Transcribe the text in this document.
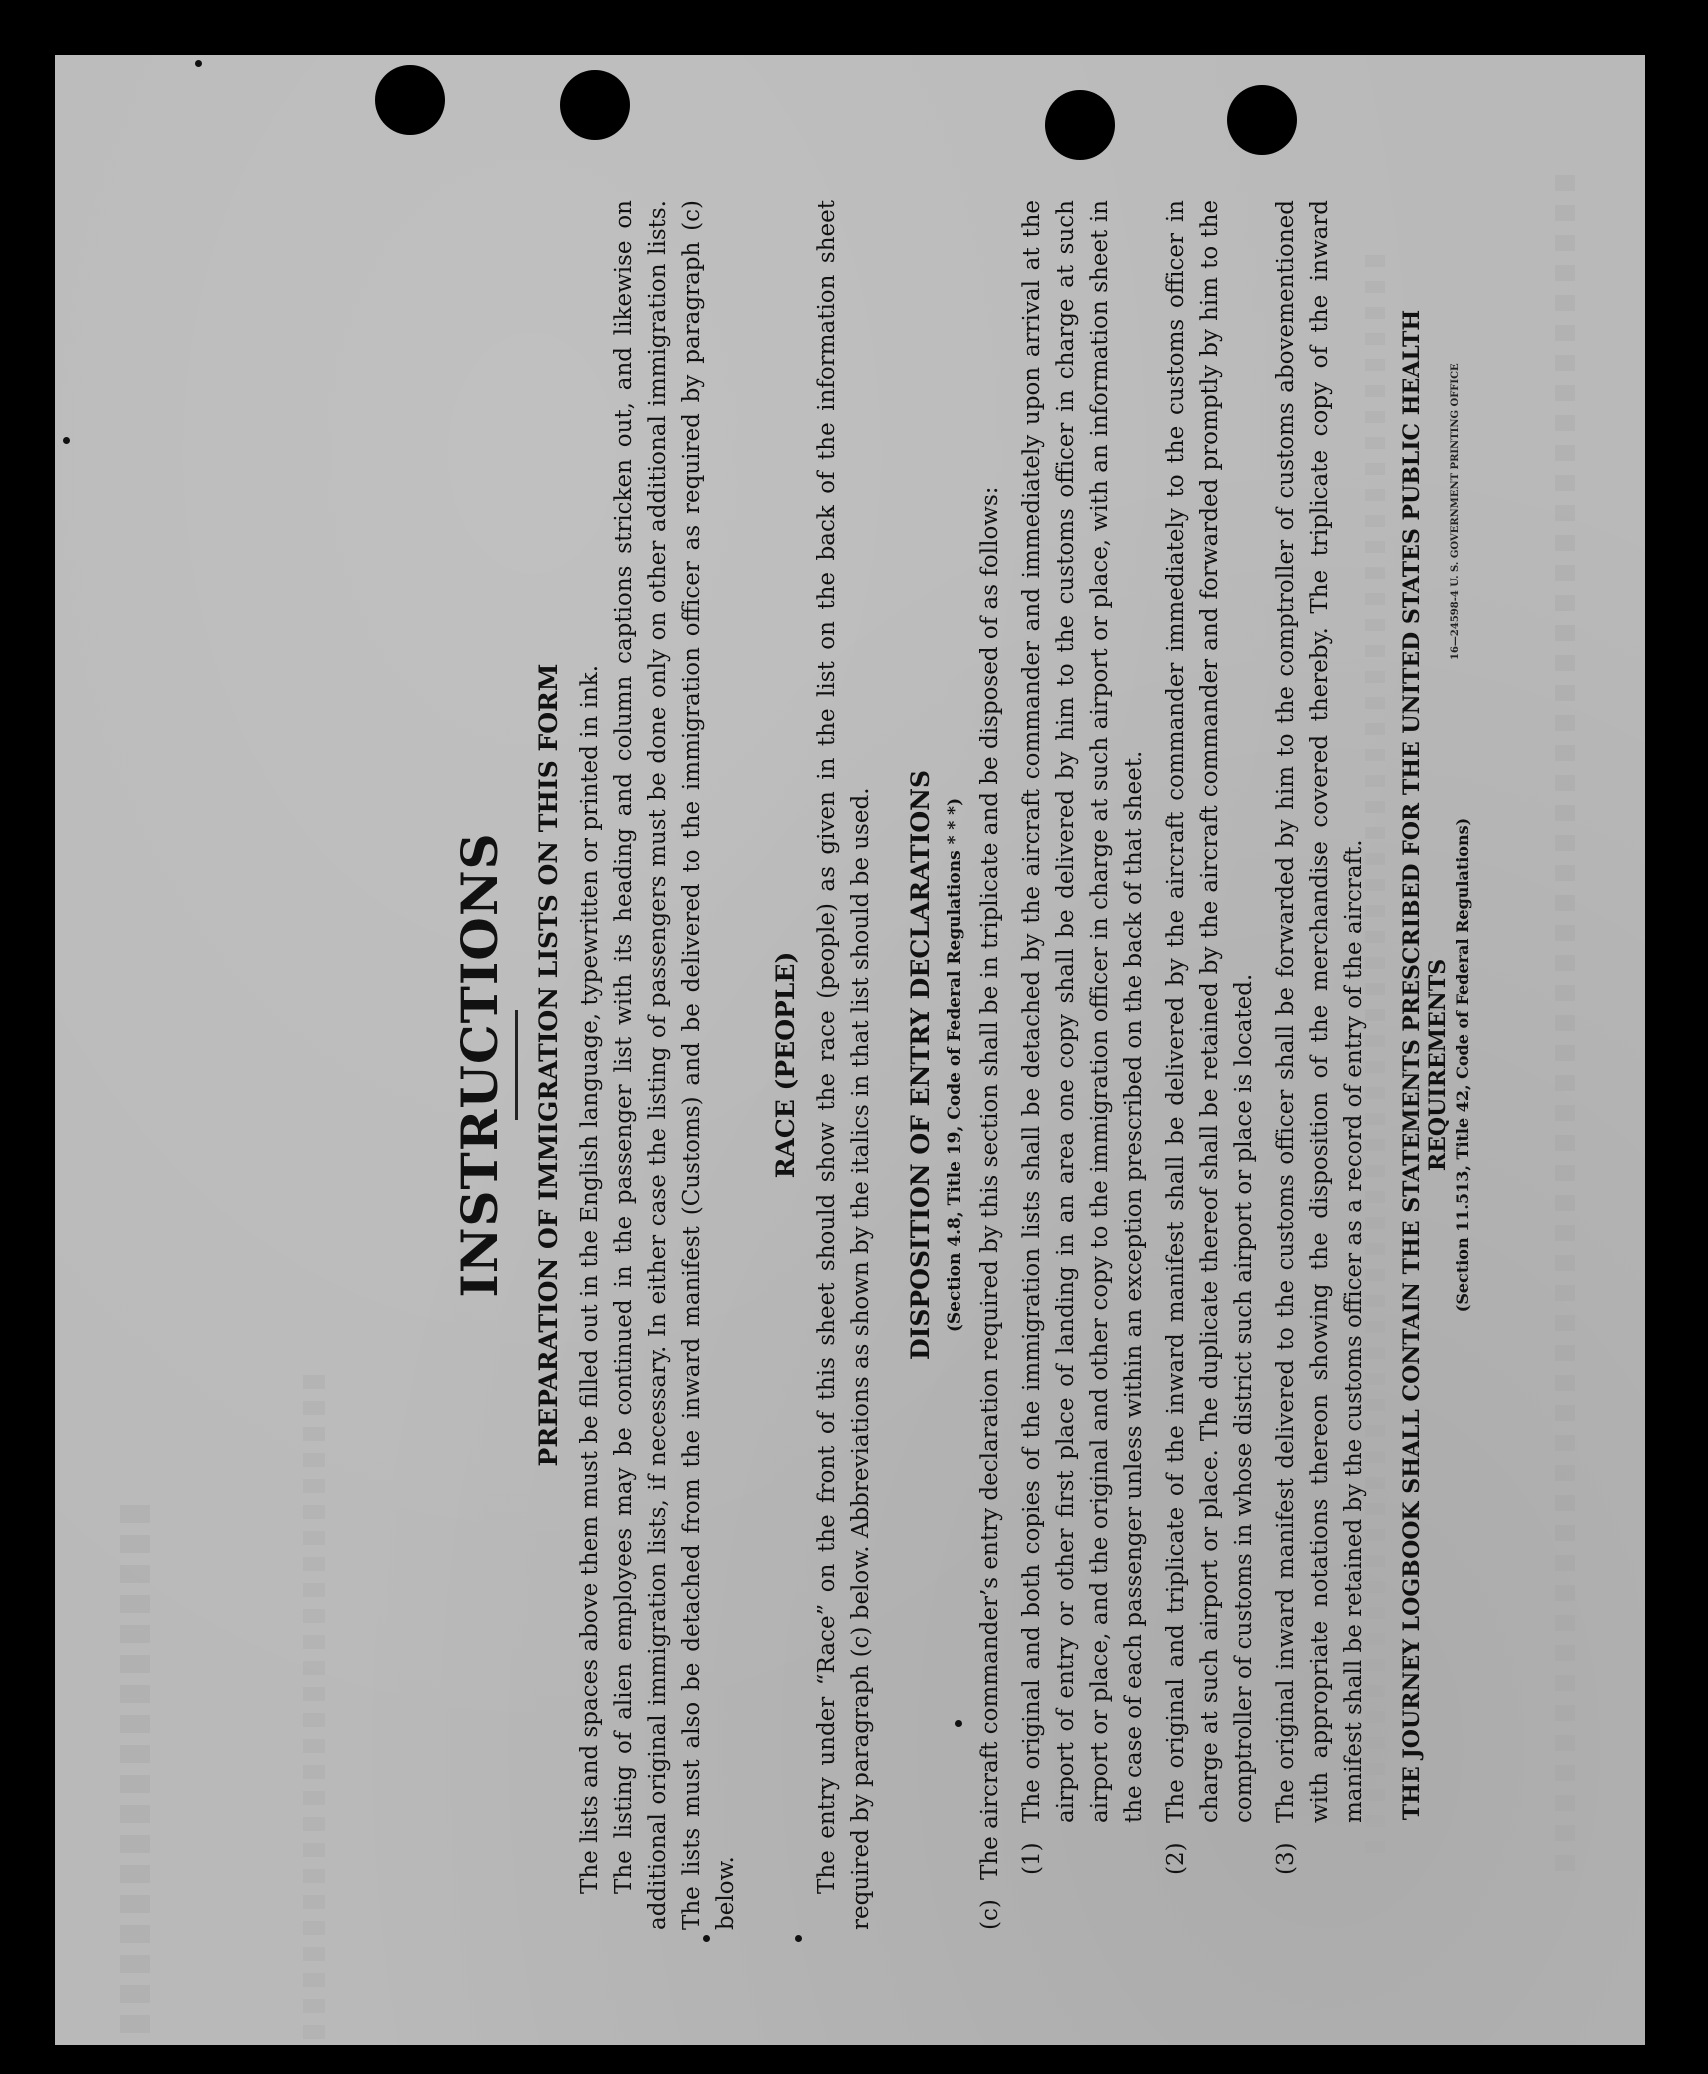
INSTRUCTIONS PREPARATION OF IMMIGRATION LISTS ON THIS FORM The lists and spaces above them must be filled out in the English language, typewritten or printed in ink. The listing of alien employees may be continued in the passenger list with its heading and column captions stricken out, and likewise on additional original immigration lists, if necessary. In either case the listing of passengers must be done only on other additional immigration lists. The lists must also be detached from the inward manifest (Customs) and be delivered to the immigration officer as required by paragraph (c) below.

RACE (PEOPLE) The entry under “Race” on the front of this sheet should show the race (people) as given in the list on the back of the information sheet required by paragraph (c) below. Abbreviations as shown by the italics in that list should be used. DISPOSITION OF ENTRY DECLARATIONS (Section 4.8, Title 19, Code of Federal Regulations * * *)
(c)
The aircraft commander’s entry declaration required by this section shall be in triplicate and be disposed of as follows: (1)
The original and both copies of the immigration lists shall be detached by the aircraft commander and immediately upon arrival at the airport of entry or other first place of landing in an area one copy shall be delivered by him to the customs officer in charge at such airport or place, and the original and other copy to the immigration officer in charge at such airport or place, with an information sheet in the case of each passenger unless within an exception prescribed on the back of that sheet.
(2)
The original and triplicate of the inward manifest shall be delivered by the aircraft commander immediately to the customs officer in charge at such airport or place. The duplicate thereof shall be retained by the aircraft commander and forwarded promptly by him to the comptroller of customs in whose district such airport or place is located.
(3)
The original inward manifest delivered to the customs officer shall be forwarded by him to the comptroller of customs abovementioned with appropriate notations thereon showing the disposition of the merchandise covered thereby. The triplicate copy of the inward manifest shall be retained by the customs officer as a record of entry of the aircraft. THE JOURNEY LOGBOOK SHALL CONTAIN THE STATEMENTS PRESCRIBED FOR THE UNITED STATES PUBLIC HEALTH REQUIREMENTS (Section 11.513, Title 42, Code of Federal Regulations)
16—24598-4 U. S. GOVERNMENT PRINTING OFFICE
